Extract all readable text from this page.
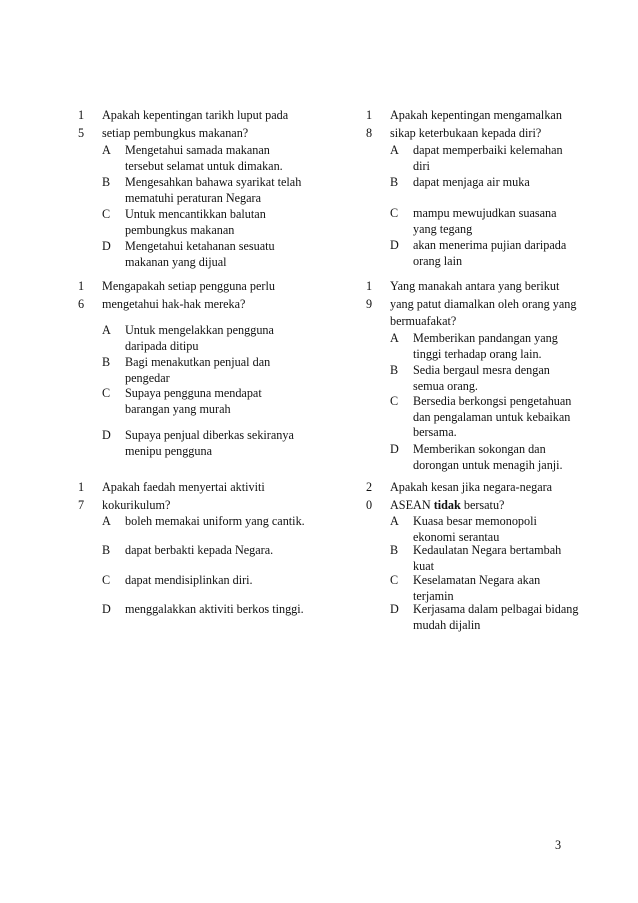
1
5
Apakah kepentingan tarikh luput pada
setiap pembungkus makanan?
A Mengetahui samada makanan
tersebut selamat untuk dimakan.
B Mengesahkan bahawa syarikat telah
mematuhi peraturan Negara
C Untuk mencantikkan balutan
pembungkus makanan
D Mengetahui ketahanan sesuatu
makanan yang dijual
1
6
Mengapakah setiap pengguna perlu
mengetahui hak-hak mereka?
A Untuk mengelakkan pengguna
daripada ditipu
B Bagi menakutkan penjual dan
pengedar
C Supaya pengguna mendapat
barangan yang murah
D Supaya penjual diberkas sekiranya
menipu pengguna
1
7
Apakah faedah menyertai aktiviti
kokurikulum?
A boleh memakai uniform yang cantik.
B dapat berbakti kepada Negara.
C dapat mendisiplinkan diri.
D menggalakkan aktiviti berkos tinggi.
1
8
Apakah kepentingan mengamalkan
sikap keterbukaan kepada diri?
A dapat memperbaiki kelemahan
diri
B dapat menjaga air muka
C mampu mewujudkan suasana
yang tegang
D akan menerima pujian daripada
orang lain
1
9
Yang manakah antara yang berikut
yang patut diamalkan oleh orang yang
bermuafakat?
A Memberikan pandangan yang
tinggi terhadap orang lain.
B Sedia bergaul mesra dengan
semua orang.
C Bersedia berkongsi pengetahuan
dan pengalaman untuk kebaikan
bersama.
D Memberikan sokongan dan
dorongan untuk menagih janji.
2
0
Apakah kesan jika negara-negara
ASEAN tidak bersatu?
A Kuasa besar memonopoli
ekonomi serantau
B Kedaulatan Negara bertambah
kuat
C Keselamatan Negara akan
terjamin
D Kerjasama dalam pelbagai bidang
mudah dijalin
3
